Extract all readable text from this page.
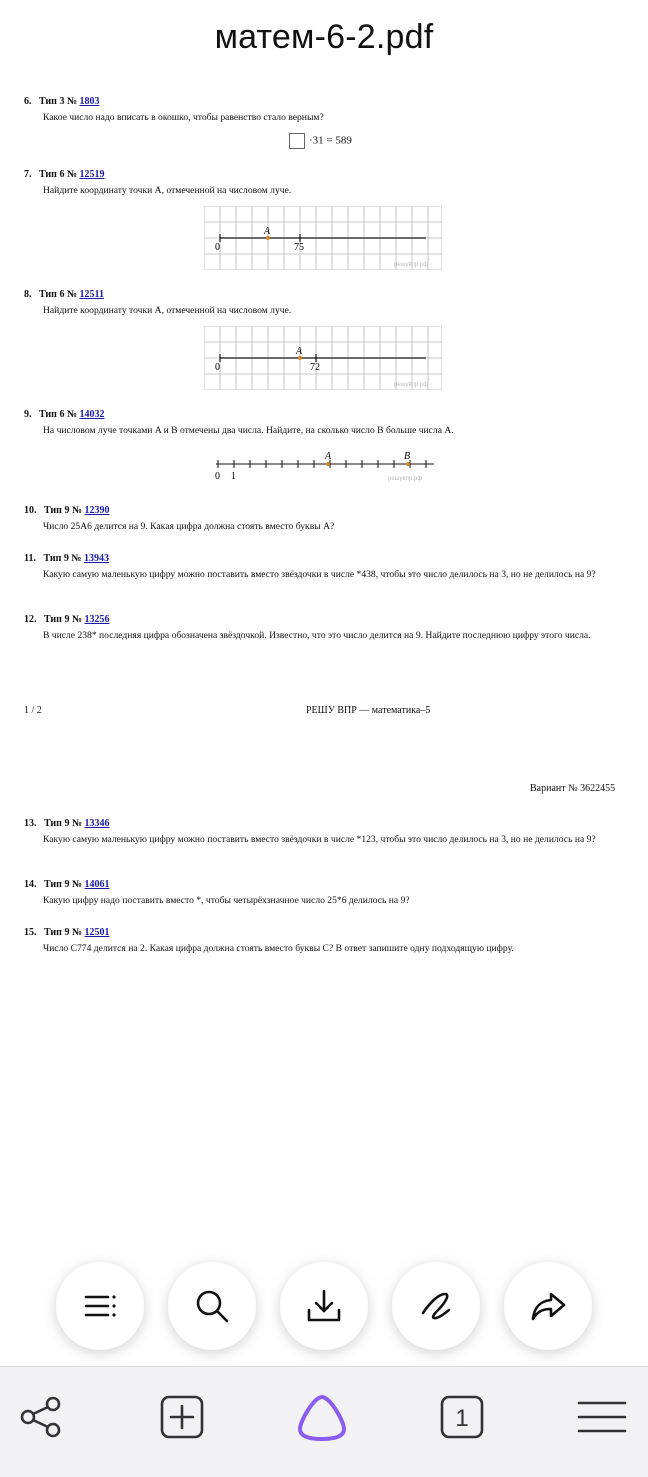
матем-6-2.pdf
6. Тип 3 № 1803
Какое число надо вписать в окошко, чтобы равенство стало верным?
·31 = 589
7. Тип 6 № 12519
Найдите координату точки A, отмеченной на числовом луче.
0
A
75
решувпр.рф
8. Тип 6 № 12511
Найдите координату точки A, отмеченной на числовом луче.
0
A
72
решувпр.рф
9. Тип 6 № 14032
На числовом луче точками A и B отмечены два числа. Найдите, на сколько число B больше числа A.
0 1
A	B
решувпр.рф
10. Тип 9 № 12390
Число 25A6 делится на 9. Какая цифра должна стоять вместо буквы A?
11. Тип 9 № 13943
Какую самую маленькую цифру можно поставить вместо звёздочки в числе *438, чтобы это число делилось на 3, но не делилось на 9?
12. Тип 9 № 13256
В числе 238* последняя цифра обозначена звёздочкой. Известно, что это число делится на 9. Найдите последнюю цифру этого числа.
1 / 2	РЕШУ ВПР — математика–5
Вариант № 3622455
13. Тип 9 № 13346
Какую самую маленькую цифру можно поставить вместо звёздочки в числе *123, чтобы это число делилось на 3, но не делилось на 9?
14. Тип 9 № 14061
Какую цифру надо поставить вместо *, чтобы четырёхзначное число 25*6 делилось на 9?
15. Тип 9 № 12501
Число C774 делится на 2. Какая цифра должна стоять вместо буквы C? В ответ запишите одну подходящую цифру.
1
